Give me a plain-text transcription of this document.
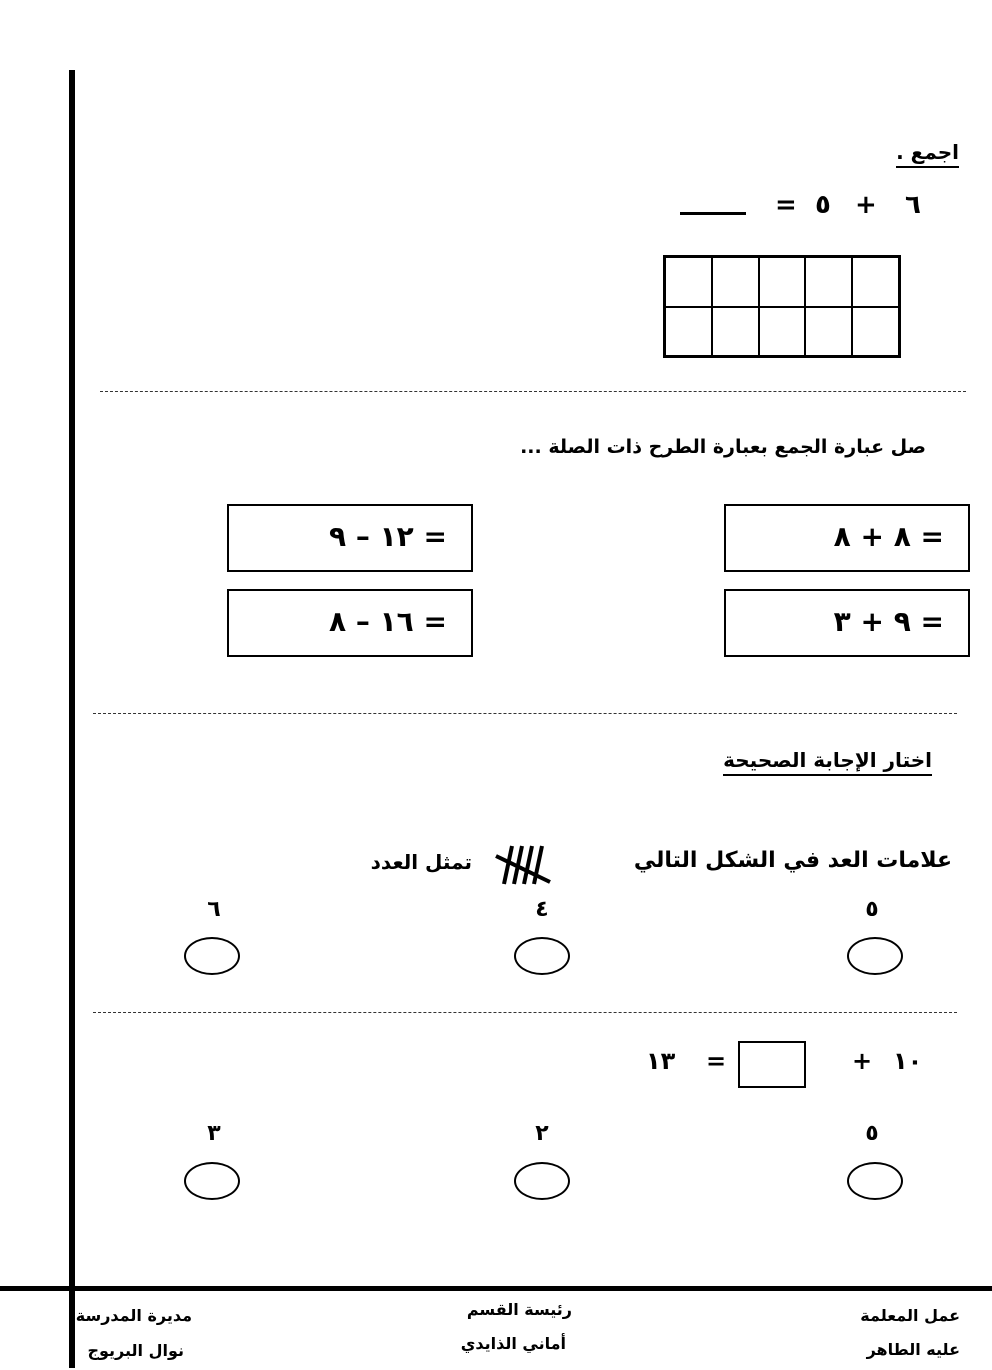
اجمع .
٦
+
٥
=
صل عبارة الجمع بعبارة الطرح ذات الصلة ...
٨ + ٨ =
٩ + ٣ =
١٢ – ٩ =
١٦ – ٨ =
اختار الإجابة الصحيحة
علامات العد في الشكل التالي
تمثل العدد
٥
٤
٦
١٠
+
=
١٣
٥
٢
٣
عمل المعلمة
عليه الطاهر
رئيسة القسم
أماني الذايدي
مديرة المدرسة
نوال البريوج
